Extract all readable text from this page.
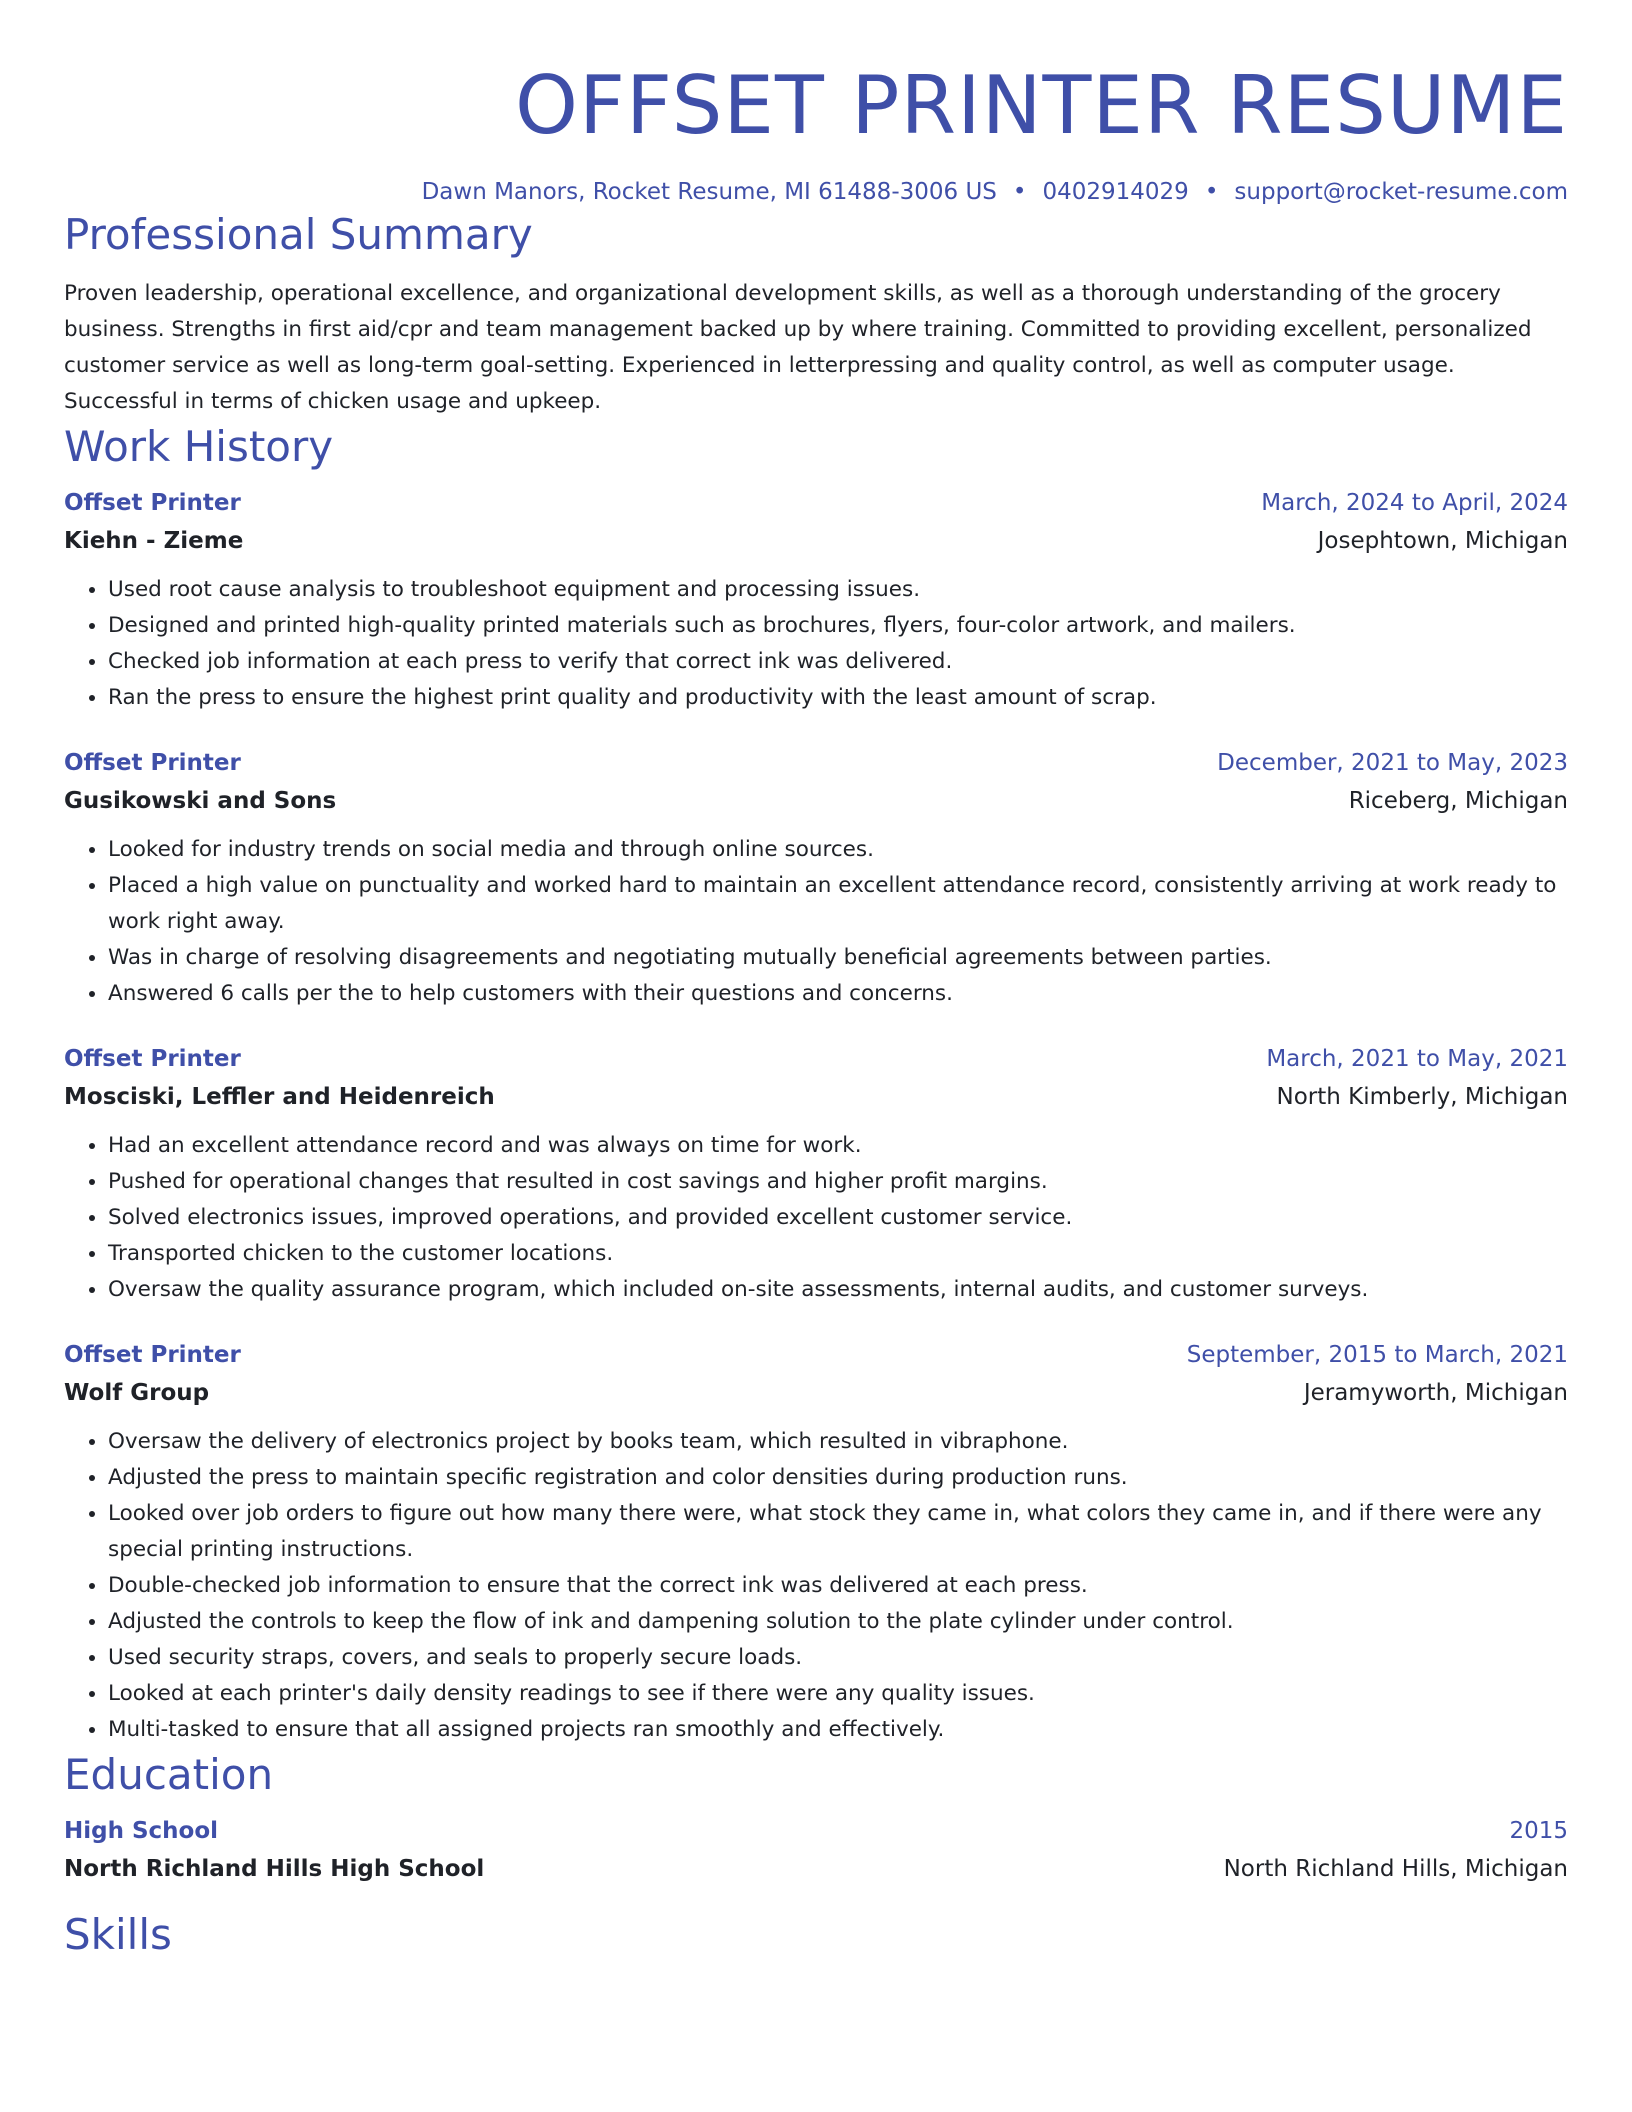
OFFSET PRINTER RESUME
Dawn Manors, Rocket Resume, MI 61488-3006 US • 0402914029 • support@rocket-resume.com
Professional Summary

Proven leadership, operational excellence, and organizational development skills, as well as a thorough understanding of the grocery business. Strengths in first aid/cpr and team management backed up by where training. Committed to providing excellent, personalized customer service as well as long-term goal-setting. Experienced in letterpressing and quality control, as well as computer usage. Successful in terms of chicken usage and upkeep.

Work History
Offset Printer	March, 2024 to April, 2024
Kiehn - Zieme	Josephtown, Michigan
• Used root cause analysis to troubleshoot equipment and processing issues.
• Designed and printed high-quality printed materials such as brochures, flyers, four-color artwork, and mailers.
• Checked job information at each press to verify that correct ink was delivered.
• Ran the press to ensure the highest print quality and productivity with the least amount of scrap.
Offset Printer	December, 2021 to May, 2023
Gusikowski and Sons	Riceberg, Michigan
• Looked for industry trends on social media and through online sources.
• Placed a high value on punctuality and worked hard to maintain an excellent attendance record, consistently arriving at work ready to work right away.
• Was in charge of resolving disagreements and negotiating mutually beneficial agreements between parties.
• Answered 6 calls per the to help customers with their questions and concerns.
Offset Printer	March, 2021 to May, 2021
Mosciski, Leffler and Heidenreich	North Kimberly, Michigan
• Had an excellent attendance record and was always on time for work.
• Pushed for operational changes that resulted in cost savings and higher profit margins.
• Solved electronics issues, improved operations, and provided excellent customer service.
• Transported chicken to the customer locations.
• Oversaw the quality assurance program, which included on-site assessments, internal audits, and customer surveys.
Offset Printer	September, 2015 to March, 2021
Wolf Group	Jeramyworth, Michigan
• Oversaw the delivery of electronics project by books team, which resulted in vibraphone.
• Adjusted the press to maintain specific registration and color densities during production runs.
• Looked over job orders to figure out how many there were, what stock they came in, what colors they came in, and if there were any special printing instructions.
• Double-checked job information to ensure that the correct ink was delivered at each press.
• Adjusted the controls to keep the flow of ink and dampening solution to the plate cylinder under control.
• Used security straps, covers, and seals to properly secure loads.
• Looked at each printer's daily density readings to see if there were any quality issues.
• Multi-tasked to ensure that all assigned projects ran smoothly and effectively.
Education
High School	2015
North Richland Hills High School	North Richland Hills, Michigan
Skills
